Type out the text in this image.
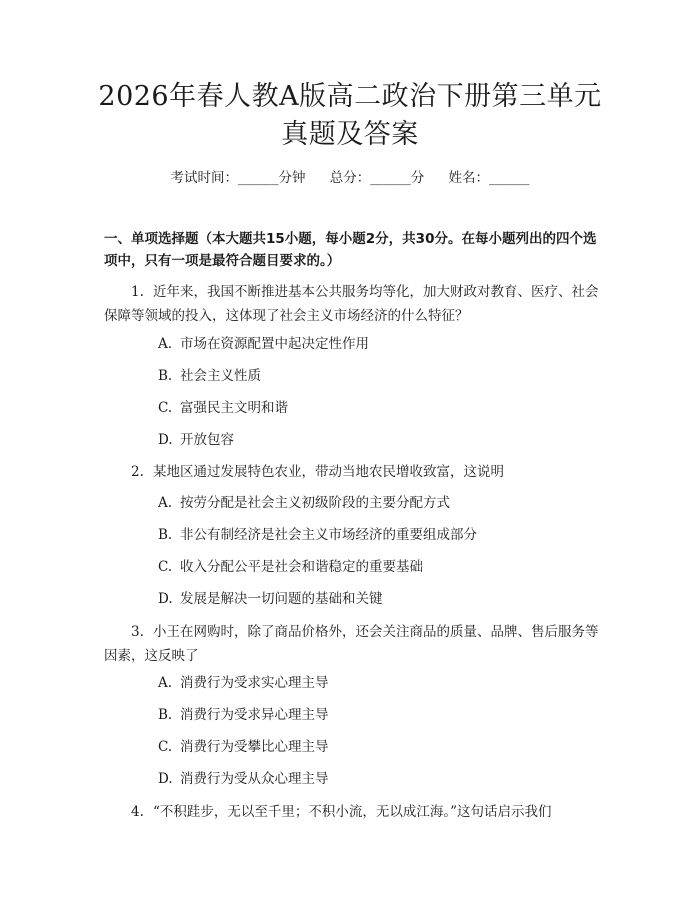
2026年春人教A版高二政治下册第三单元真题及答案
考试时间：______分钟 总分：______分 姓名：______

一、单项选择题（本大题共15小题，每小题2分，共30分。在每小题列出的四个选项中，只有一项是最符合题目要求的。）

1. 近年来，我国不断推进基本公共服务均等化，加大财政对教育、医疗、社会保障等领域的投入，这体现了社会主义市场经济的什么特征？

A. 市场在资源配置中起决定性作用

B. 社会主义性质

C. 富强民主文明和谐

D. 开放包容

2. 某地区通过发展特色农业，带动当地农民增收致富，这说明

A. 按劳分配是社会主义初级阶段的主要分配方式

B. 非公有制经济是社会主义市场经济的重要组成部分

C. 收入分配公平是社会和谐稳定的重要基础

D. 发展是解决一切问题的基础和关键

3. 小王在网购时，除了商品价格外，还会关注商品的质量、品牌、售后服务等因素，这反映了

A. 消费行为受求实心理主导

B. 消费行为受求异心理主导

C. 消费行为受攀比心理主导

D. 消费行为受从众心理主导

4. “不积跬步，无以至千里；不积小流，无以成江海。”这句话启示我们
